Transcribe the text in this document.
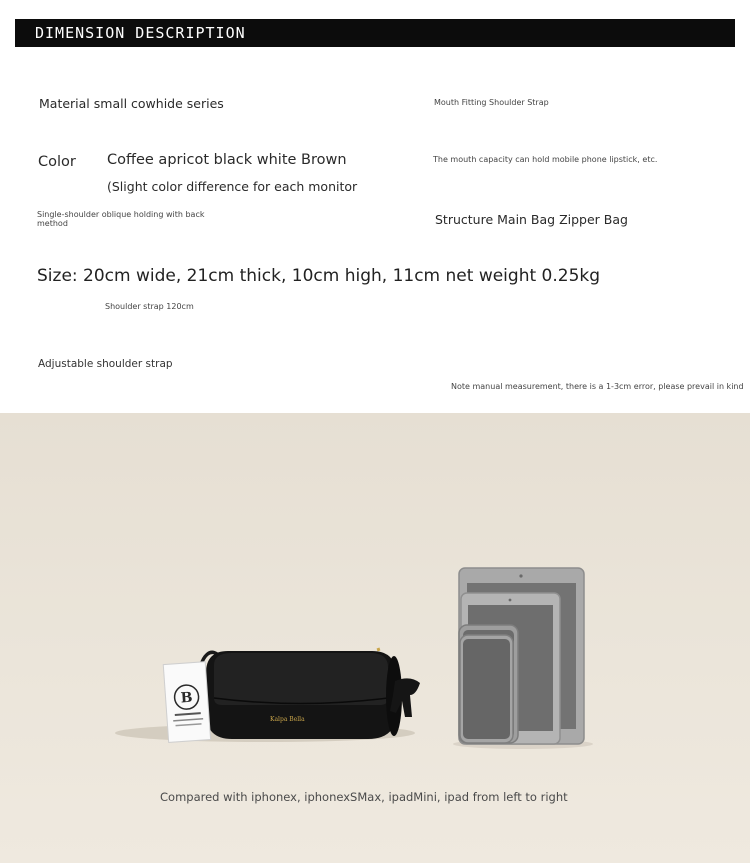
DIMENSION DESCRIPTION
Material small cowhide series	Mouth Fitting Shoulder Strap
Color Coffee apricot black white Brown	The mouth capacity can hold mobile phone lipstick, etc.
(Slight color difference for each monitor
Single-shoulder oblique holding with back
method	Structure Main Bag Zipper Bag
Size: 20cm wide, 21cm thick, 10cm high, 11cm net weight 0.25kg
Shoulder strap 120cm
Adjustable shoulder strap
Note manual measurement, there is a 1-3cm error, please prevail in kind
Kalpa Bella
B
Compared with iphonex, iphonexSMax, ipadMini, ipad from left to right
